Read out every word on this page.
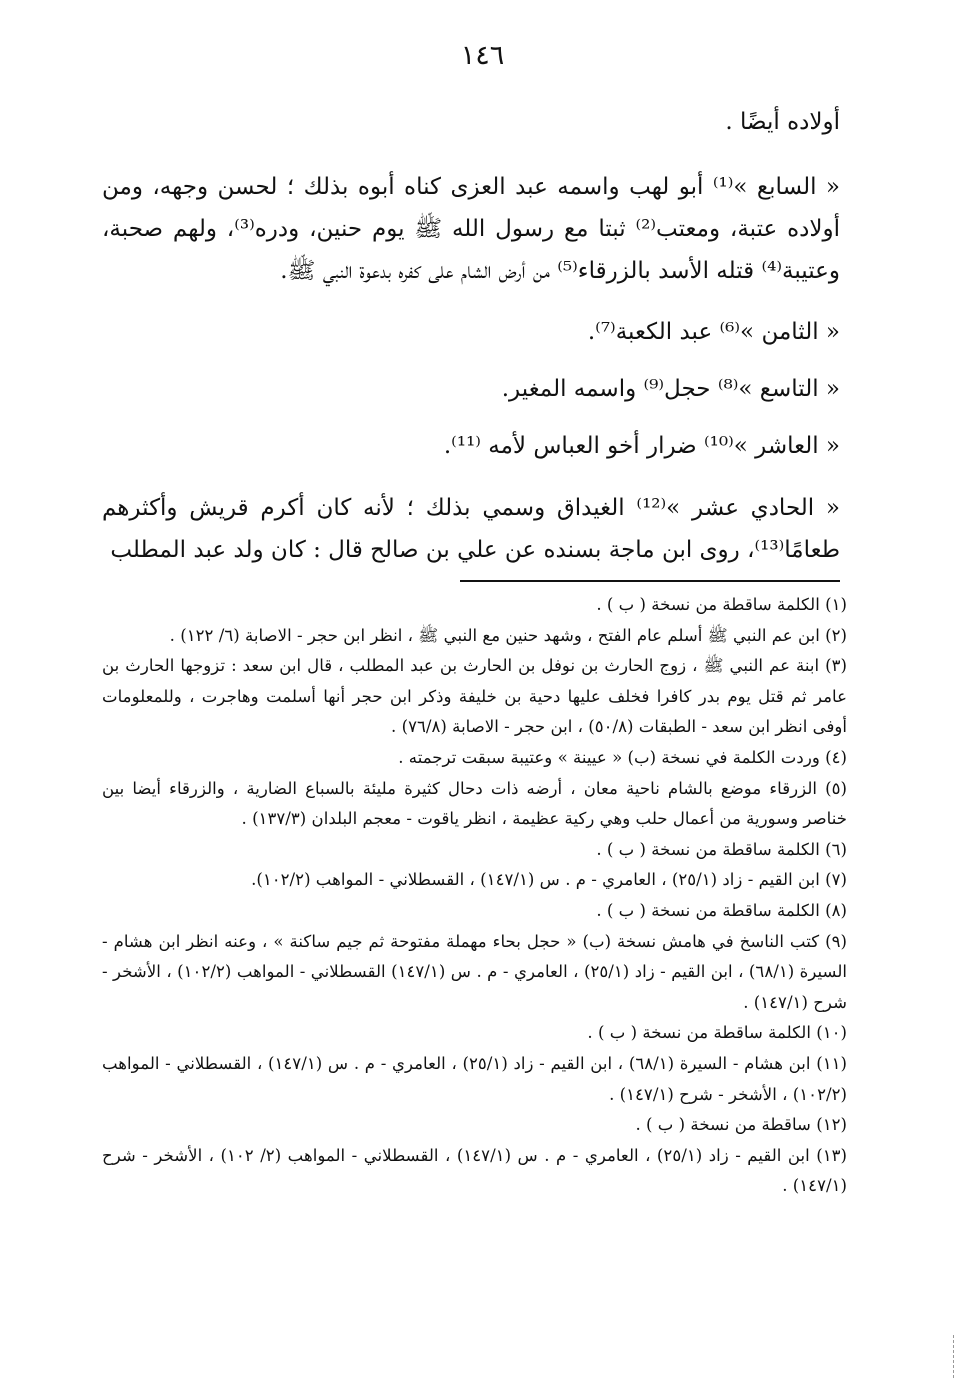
١٤٦
أولاده أيضًا .
« السابع »⁽¹⁾ أبو لهب واسمه عبد العزى كناه أبوه بذلك ؛ لحسن وجهه، ومن أولاده عتبة، ومعتب⁽²⁾ ثبتا مع رسول الله ﷺ يوم حنين، ودره⁽³⁾، ولهم صحبة، وعتيبة⁽⁴⁾ قتله الأسد بالزرقاء⁽⁵⁾ من أرض الشام على كفره بدعوة النبي ﷺ.
« الثامن »⁽⁶⁾ عبد الكعبة⁽⁷⁾.
« التاسع »⁽⁸⁾ حجل⁽⁹⁾ واسمه المغير.
« العاشر »⁽¹⁰⁾ ضرار أخو العباس لأمه ⁽¹¹⁾.
« الحادي عشر »⁽¹²⁾ الغيداق وسمي بذلك ؛ لأنه كان أكرم قريش وأكثرهم طعامًا⁽¹³⁾، روى ابن ماجة بسنده عن علي بن صالح قال : كان ولد عبد المطلب

(١) الكلمة ساقطة من نسخة ( ب ) .

(٢) ابن عم النبي ﷺ أسلم عام الفتح ، وشهد حنين مع النبي ﷺ ، انظر ابن حجر - الاصابة (٦/ ١٢٢) .

(٣) ابنة عم النبي ﷺ ، زوج الحارث بن نوفل بن الحارث بن عبد المطلب ، قال ابن سعد : تزوجها الحارث بن عامر ثم قتل يوم بدر كافرا فخلف عليها دحية بن خليفة وذكر ابن حجر أنها أسلمت وهاجرت ، وللمعلومات أوفى انظر ابن سعد - الطبقات (٥٠/٨) ، ابن حجر - الاصابة (٧٦/٨) .

(٤) وردت الكلمة في نسخة (ب) « عيينة » وعتيبة سبقت ترجمته .

(٥) الزرقاء موضع بالشام ناحية معان ، أرضه ذات دحال كثيرة مليئة بالسباع الضارية ، والزرقاء أيضا بين خناصر وسورية من أعمال حلب وهي ركية عظيمة ، انظر ياقوت - معجم البلدان (١٣٧/٣) .

(٦) الكلمة ساقطة من نسخة ( ب ) .

(٧) ابن القيم - زاد (٢٥/١) ، العامري - م . س (١٤٧/١) ، القسطلاني - المواهب (١٠٢/٢).

(٨) الكلمة ساقطة من نسخة ( ب ) .

(٩) كتب الناسخ في هامش نسخة (ب) « حجل بحاء مهملة مفتوحة ثم جيم ساكنة » ، وعنه انظر ابن هشام - السيرة (٦٨/١) ، ابن القيم - زاد (٢٥/١) ، العامري - م . س (١٤٧/١) القسطلاني - المواهب (١٠٢/٢) ، الأشخر - شرح (١٤٧/١) .

(١٠) الكلمة ساقطة من نسخة ( ب ) .

(١١) ابن هشام - السيرة (٦٨/١) ، ابن القيم - زاد (٢٥/١) ، العامري - م . س (١٤٧/١) ، القسطلاني - المواهب (١٠٢/٢) ، الأشخر - شرح (١٤٧/١) .

(١٢) ساقطة من نسخة ( ب ) .

(١٣) ابن القيم - زاد (٢٥/١) ، العامري - م . س (١٤٧/١) ، القسطلاني - المواهب (٢/ ١٠٢) ، الأشخر - شرح (١٤٧/١) .
